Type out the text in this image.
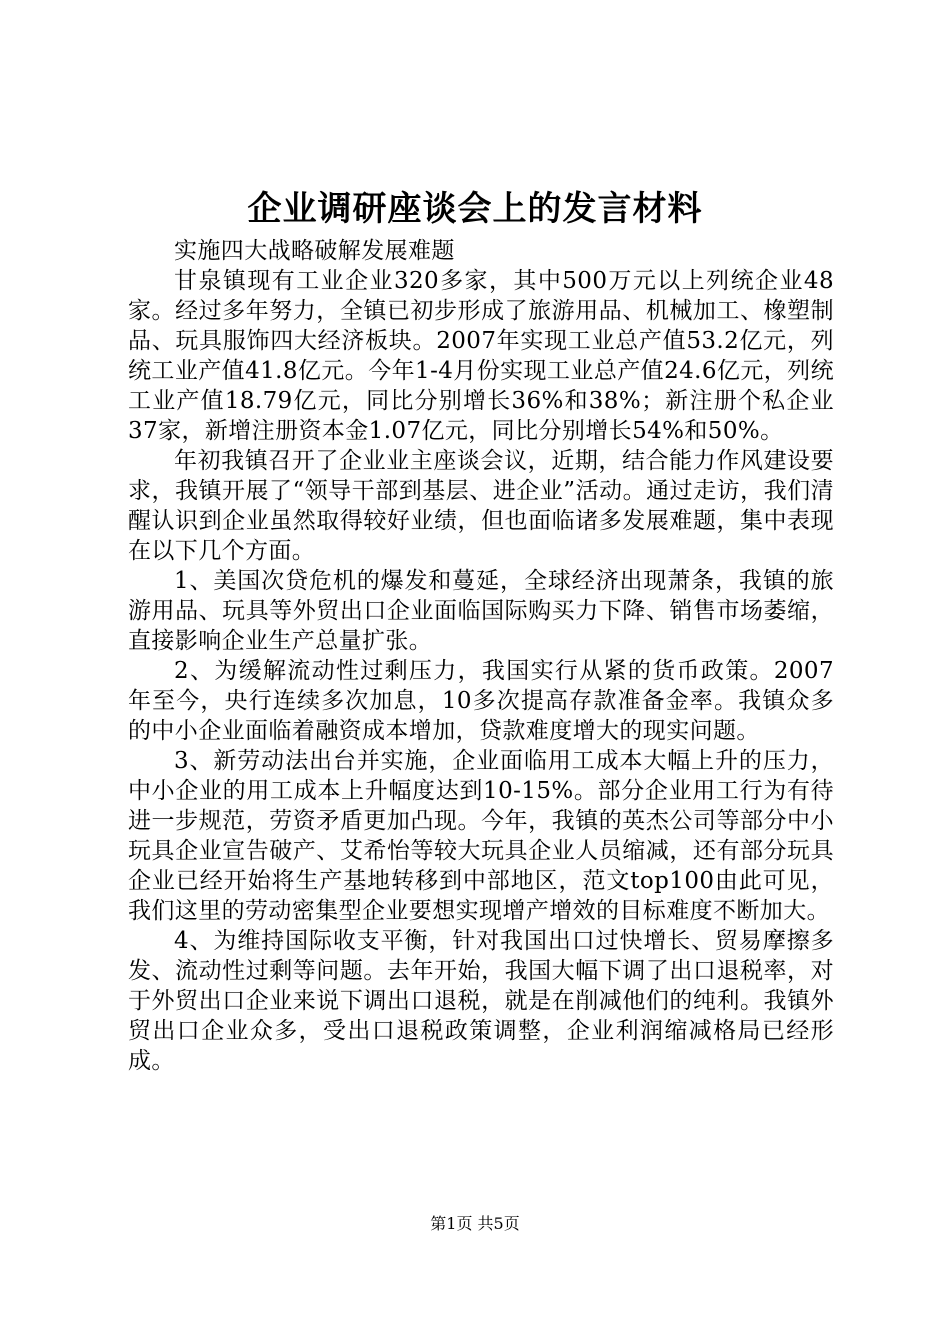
企业调研座谈会上的发言材料

实施四大战略破解发展难题

甘泉镇现有工业企业320多家，其中500万元以上列统企业48家。经过多年努力，全镇已初步形成了旅游用品、机械加工、橡塑制品、玩具服饰四大经济板块。2007年实现工业总产值53.2亿元，列统工业产值41.8亿元。今年1-4月份实现工业总产值24.6亿元，列统工业产值18.79亿元，同比分别增长36%和38%；新注册个私企业37家，新增注册资本金1.07亿元，同比分别增长54%和50%。

年初我镇召开了企业业主座谈会议，近期，结合能力作风建设要求，我镇开展了“领导干部到基层、进企业”活动。通过走访，我们清醒认识到企业虽然取得较好业绩，但也面临诸多发展难题，集中表现在以下几个方面。

1、美国次贷危机的爆发和蔓延，全球经济出现萧条，我镇的旅游用品、玩具等外贸出口企业面临国际购买力下降、销售市场萎缩，直接影响企业生产总量扩张。

2、为缓解流动性过剩压力，我国实行从紧的货币政策。2007年至今，央行连续多次加息，10多次提高存款准备金率。我镇众多的中小企业面临着融资成本增加，贷款难度增大的现实问题。

3、新劳动法出台并实施，企业面临用工成本大幅上升的压力，中小企业的用工成本上升幅度达到10-15%。部分企业用工行为有待进一步规范，劳资矛盾更加凸现。今年，我镇的英杰公司等部分中小玩具企业宣告破产、艾希怡等较大玩具企业人员缩减，还有部分玩具企业已经开始将生产基地转移到中部地区，范文top100由此可见，我们这里的劳动密集型企业要想实现增产增效的目标难度不断加大。

4、为维持国际收支平衡，针对我国出口过快增长、贸易摩擦多发、流动性过剩等问题。去年开始，我国大幅下调了出口退税率，对于外贸出口企业来说下调出口退税，就是在削减他们的纯利。我镇外贸出口企业众多，受出口退税政策调整，企业利润缩减格局已经形成。

第1页 共5页
